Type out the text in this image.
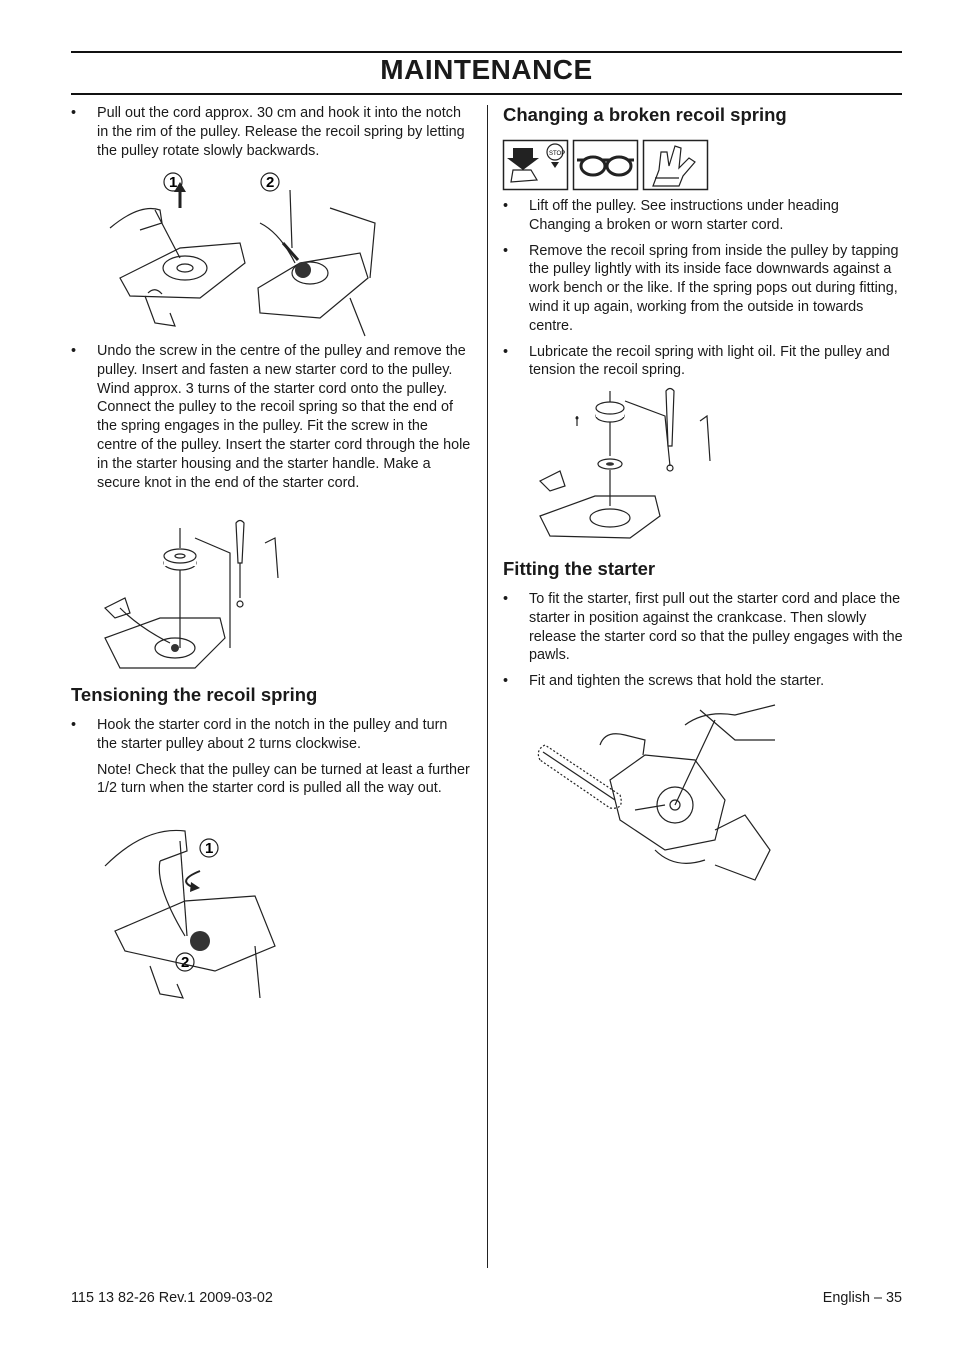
MAINTENANCE
• Pull out the cord approx. 30 cm and hook it into the notch in the rim of the pulley. Release the recoil spring by letting the pulley rotate slowly backwards.
1	2
• Undo the screw in the centre of the pulley and remove the pulley. Insert and fasten a new starter cord to the pulley. Wind approx. 3 turns of the starter cord onto the pulley. Connect the pulley to the recoil spring so that the end of the spring engages in the pulley. Fit the screw in the centre of the pulley. Insert the starter cord through the hole in the starter housing and the starter handle. Make a secure knot in the end of the starter cord.
Tensioning the recoil spring
• Hook the starter cord in the notch in the pulley and turn the starter pulley about 2 turns clockwise.
Note! Check that the pulley can be turned at least a further 1/2 turn when the starter cord is pulled all the way out.
1
2
Changing a broken recoil spring
STOP
• Lift off the pulley. See instructions under heading Changing a broken or worn starter cord.
• Remove the recoil spring from inside the pulley by tapping the pulley lightly with its inside face downwards against a work bench or the like. If the spring pops out during fitting, wind it up again, working from the outside in towards centre.
• Lubricate the recoil spring with light oil. Fit the pulley and tension the recoil spring.
Fitting the starter
• To fit the starter, first pull out the starter cord and place the starter in position against the crankcase. Then slowly release the starter cord so that the pulley engages with the pawls.
• Fit and tighten the screws that hold the starter.
115 13 82-26 Rev.1 2009-03-02	English – 35
